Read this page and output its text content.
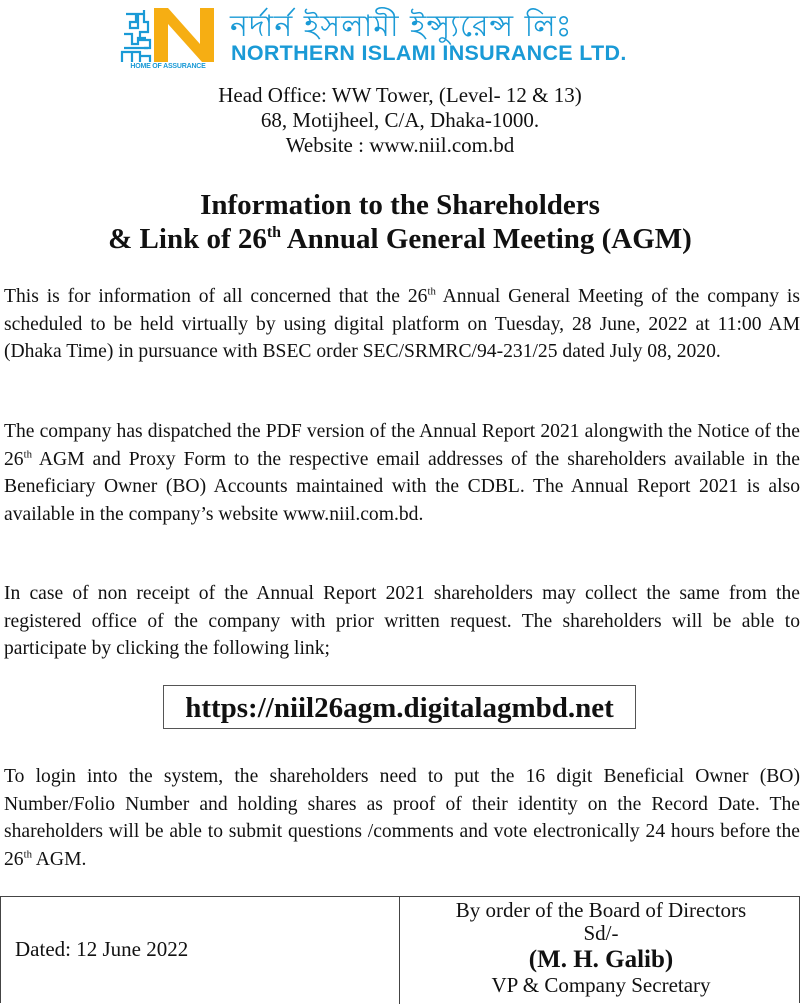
HOME OF ASSURANCE
নর্দার্ন ইসলামী ইন্স্যুরেন্স লিঃ
NORTHERN ISLAMI INSURANCE LTD.
Head Office: WW Tower, (Level- 12 & 13)
68, Motijheel, C/A, Dhaka-1000.
Website : www.niil.com.bd
Information to the Shareholders
& Link of 26th Annual General Meeting (AGM)
This is for information of all concerned that the 26th Annual General Meeting of the company is scheduled to be held virtually by using digital platform on Tuesday, 28 June, 2022 at 11:00 AM (Dhaka Time) in pursuance with BSEC order SEC/SRMRC/94-231/25 dated July 08, 2020.
The company has dispatched the PDF version of the Annual Report 2021 alongwith the Notice of the 26th AGM and Proxy Form to the respective email addresses of the shareholders available in the Beneficiary Owner (BO) Accounts maintained with the CDBL. The Annual Report 2021 is also available in the company’s website www.niil.com.bd.
In case of non receipt of the Annual Report 2021 shareholders may collect the same from the registered office of the company with prior written request. The shareholders will be able to participate by clicking the following link;
https://niil26agm.digitalagmbd.net
To login into the system, the shareholders need to put the 16 digit Beneficial Owner (BO) Number/Folio Number and holding shares as proof of their identity on the Record Date. The shareholders will be able to submit questions /comments and vote electronically 24 hours before the 26th AGM.
Dated: 12 June 2022
By order of the Board of Directors
Sd/-
(M. H. Galib)
VP & Company Secretary
